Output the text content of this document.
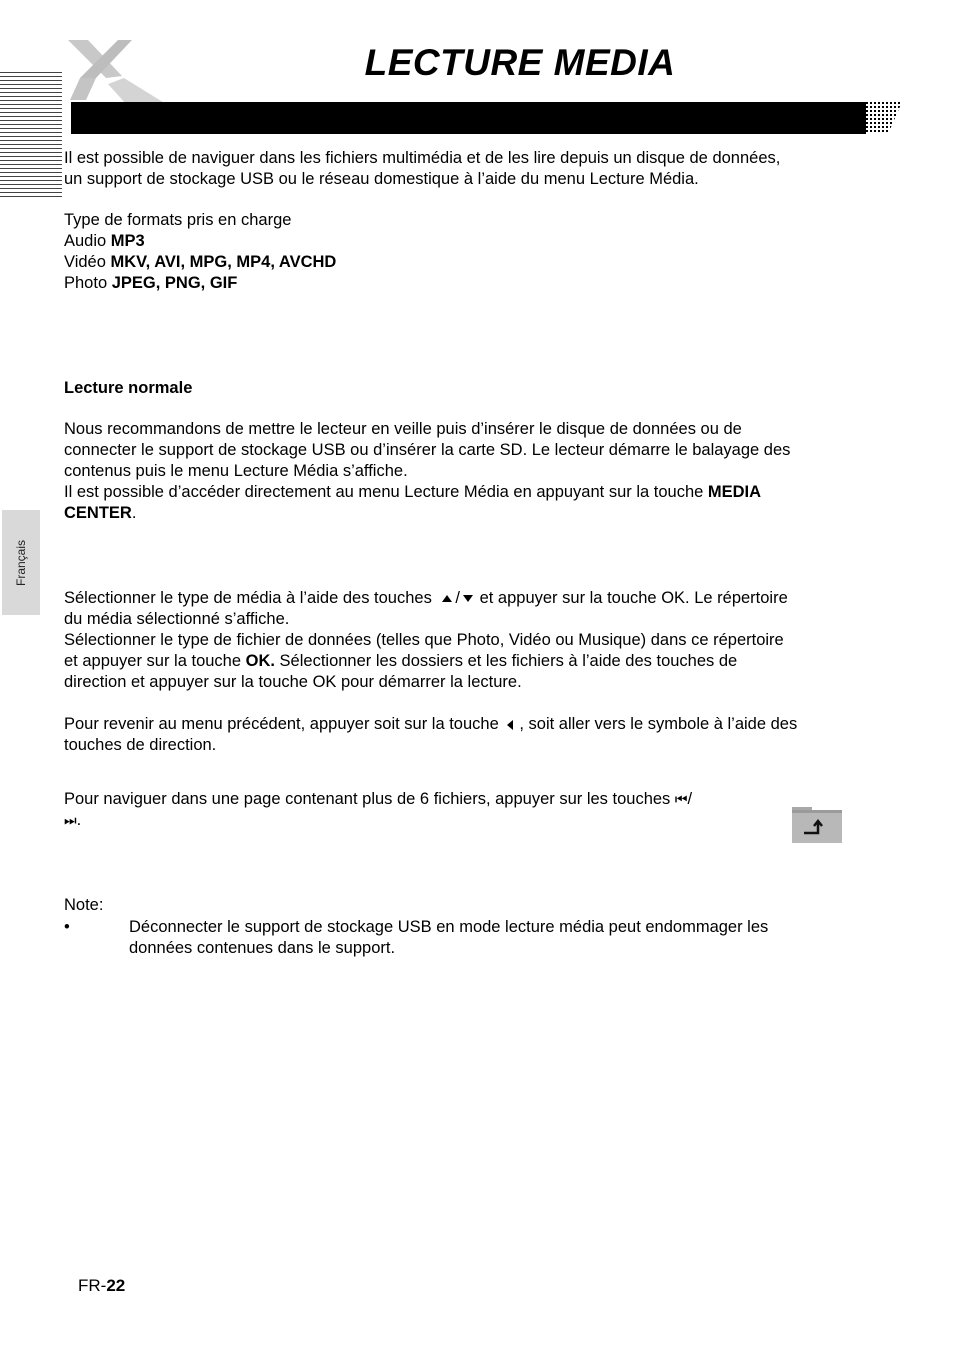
LECTURE MEDIA
Français
Il est possible de naviguer dans les fichiers multimédia et de les lire depuis un disque de données,
un support de stockage USB ou le réseau domestique à l’aide du menu Lecture Média.
Type de formats pris en charge
Audio MP3
Vidéo MKV, AVI, MPG, MP4, AVCHD
Photo JPEG, PNG, GIF
Lecture normale
Nous recommandons de mettre le lecteur en veille puis d’insérer le disque de données ou de
connecter le support de stockage USB ou d’insérer la carte SD. Le lecteur démarre le balayage des
contenus puis le menu Lecture Média s’affiche.
Il est possible d’accéder directement au menu Lecture Média en appuyant sur la touche MEDIA
CENTER.
Sélectionner le type de média à l’aide des touches / et appuyer sur la touche OK. Le répertoire
du média sélectionné s’affiche.
Sélectionner le type de fichier de données (telles que Photo, Vidéo ou Musique) dans ce répertoire
et appuyer sur la touche OK. Sélectionner les dossiers et les fichiers à l’aide des touches de
direction et appuyer sur la touche OK pour démarrer la lecture.
Pour revenir au menu précédent, appuyer soit sur la touche , soit aller vers le symbole à l’aide des
touches de direction.
Pour naviguer dans une page contenant plus de 6 fichiers, appuyer sur les touches ⏮/
⏭.
Note:
•	Déconnecter le support de stockage USB en mode lecture média peut endommager les
données contenues dans le support.
FR-22
